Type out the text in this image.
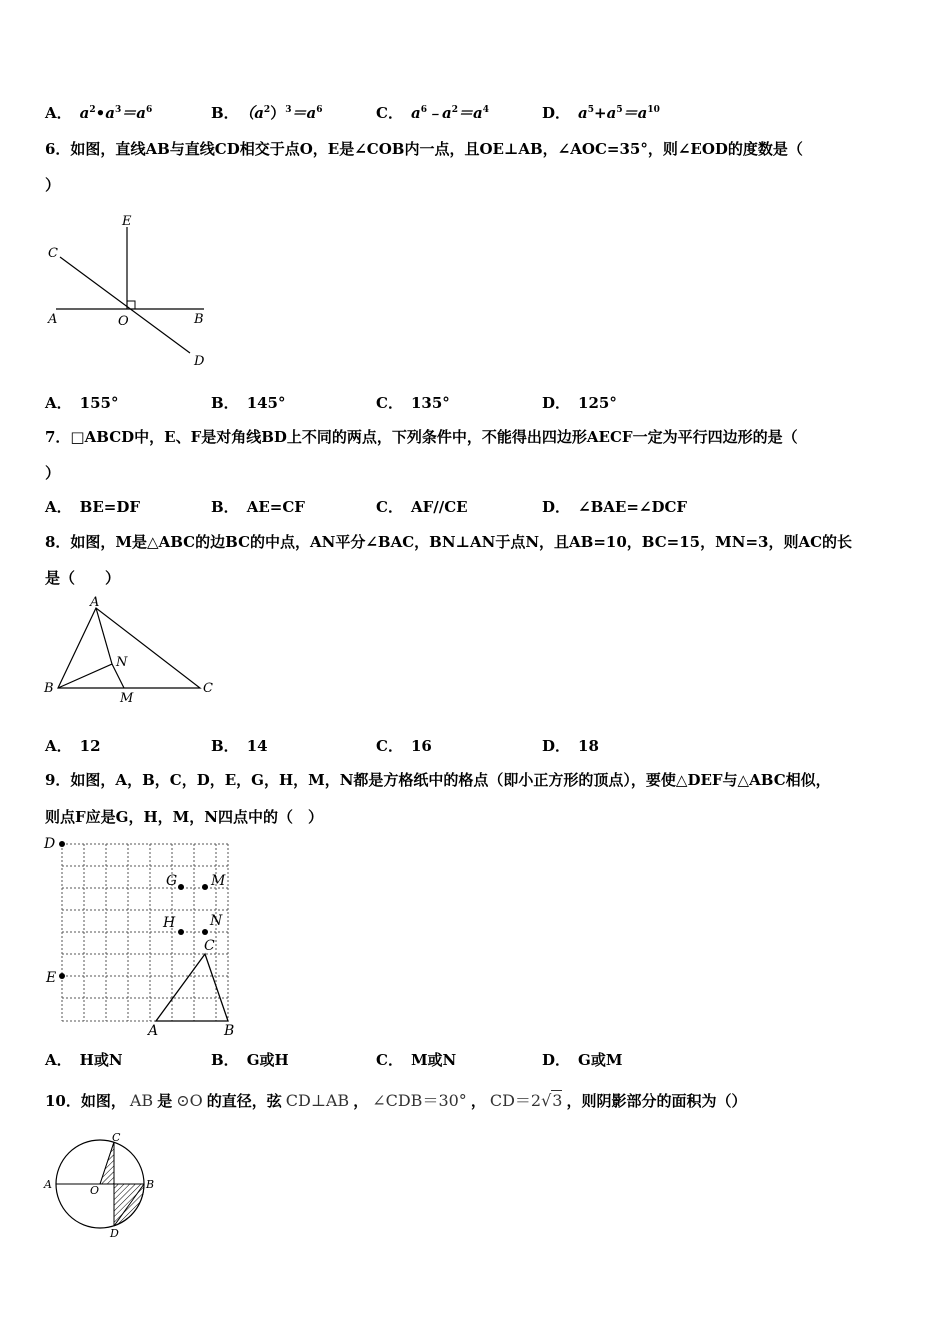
A． $a^2•a^3=a^6$	B． $(a^2)^3=a^6$	C． $a^6﹣a^2=a^4$	D． $a^5+a^5=a^{10}$
6．如图，直线AB与直线CD相交于点O，E是∠COB内一点，且OE⊥AB，∠AOC=35°，则∠EOD的度数是（
）
C
E
A	O	B
D
A． 155°	B． 145°	C． 135°	D． 125°
7．□ABCD中，E、F是对角线BD上不同的两点，下列条件中，不能得出四边形AECF一定为平行四边形的是（
）
A． BE=DF	B． AE=CF	C． AF//CE	D． ∠BAE=∠DCF
8．如图，M是△ABC的边BC的中点，AN平分∠BAC，BN⊥AN于点N，且AB=10，BC=15，MN=3，则AC的长
是（　　）
A
B	C
N
M
A． 12	B． 14	C． 16	D． 18
9．如图，A，B，C，D，E，G，H，M，N都是方格纸中的格点（即小正方形的顶点），要使△DEF与△ABC相似，
则点F应是G，H，M，N四点中的（　）
D
G M
H N
C
E
A	B
A． H或N	B． G或H	C． M或N	D． G或M
10．如图， AB 是 ⊙O 的直径，弦 CD⊥AB ， ∠CDB＝30° ， CD＝2√3 ，则阴影部分的面积为（）
A	B
C
D
O
